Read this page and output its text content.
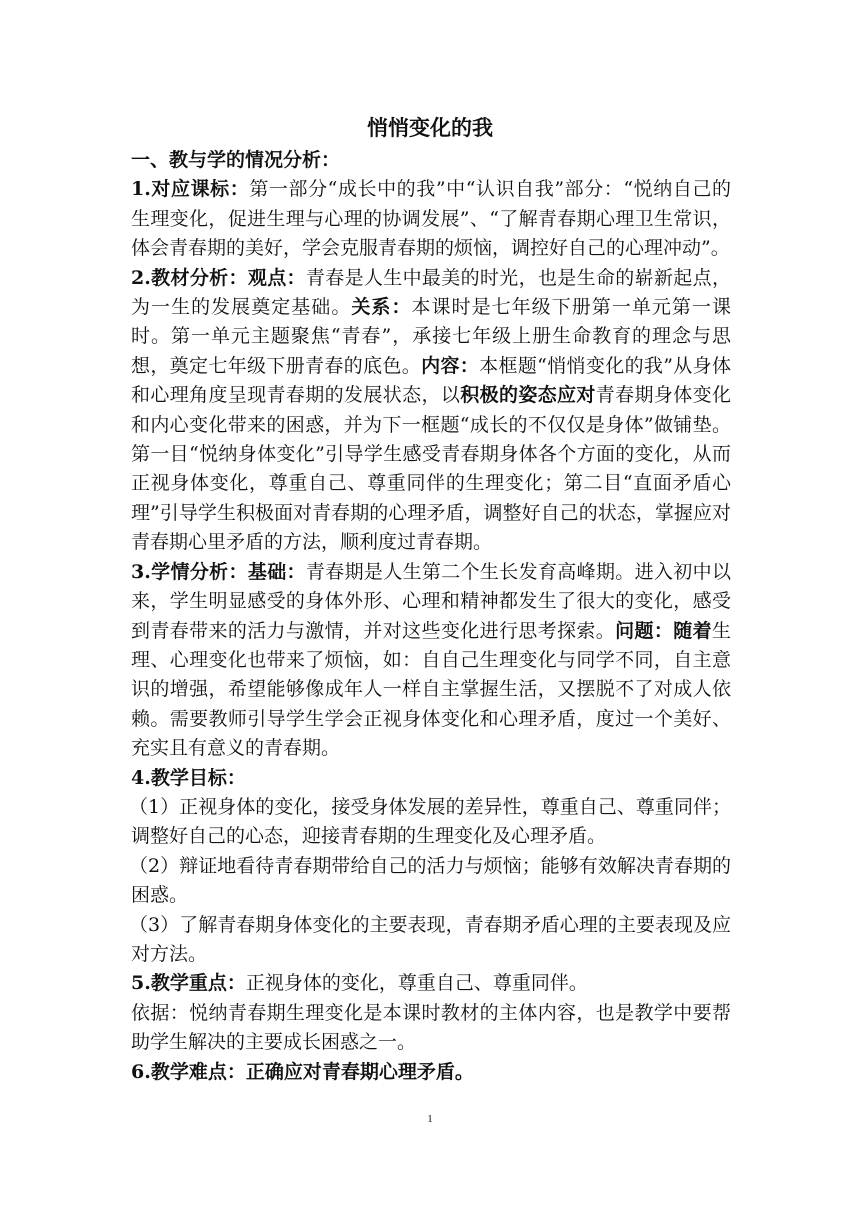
悄悄变化的我

一、教与学的情况分析：

1.对应课标：第一部分“成长中的我”中“认识自我”部分：“悦纳自己的生理变化，促进生理与心理的协调发展”、“了解青春期心理卫生常识，体会青春期的美好，学会克服青春期的烦恼，调控好自己的心理冲动”。

2.教材分析：观点：青春是人生中最美的时光，也是生命的崭新起点，为一生的发展奠定基础。关系：本课时是七年级下册第一单元第一课时。第一单元主题聚焦“青春”，承接七年级上册生命教育的理念与思想，奠定七年级下册青春的底色。内容：本框题“悄悄变化的我”从身体和心理角度呈现青春期的发展状态，以积极的姿态应对青春期身体变化和内心变化带来的困惑，并为下一框题“成长的不仅仅是身体”做铺垫。第一目“悦纳身体变化”引导学生感受青春期身体各个方面的变化，从而正视身体变化，尊重自己、尊重同伴的生理变化；第二目“直面矛盾心理”引导学生积极面对青春期的心理矛盾，调整好自己的状态，掌握应对青春期心里矛盾的方法，顺利度过青春期。

3.学情分析：基础：青春期是人生第二个生长发育高峰期。进入初中以来，学生明显感受的身体外形、心理和精神都发生了很大的变化，感受到青春带来的活力与激情，并对这些变化进行思考探索。问题：随着生理、心理变化也带来了烦恼，如：自自己生理变化与同学不同，自主意识的增强，希望能够像成年人一样自主掌握生活，又摆脱不了对成人依赖。需要教师引导学生学会正视身体变化和心理矛盾，度过一个美好、充实且有意义的青春期。

4.教学目标：

（1）正视身体的变化，接受身体发展的差异性，尊重自己、尊重同伴；调整好自己的心态，迎接青春期的生理变化及心理矛盾。

（2）辩证地看待青春期带给自己的活力与烦恼；能够有效解决青春期的困惑。

（3）了解青春期身体变化的主要表现，青春期矛盾心理的主要表现及应对方法。

5.教学重点：正视身体的变化，尊重自己、尊重同伴。

依据：悦纳青春期生理变化是本课时教材的主体内容，也是教学中要帮助学生解决的主要成长困惑之一。

6.教学难点：正确应对青春期心理矛盾。

1
